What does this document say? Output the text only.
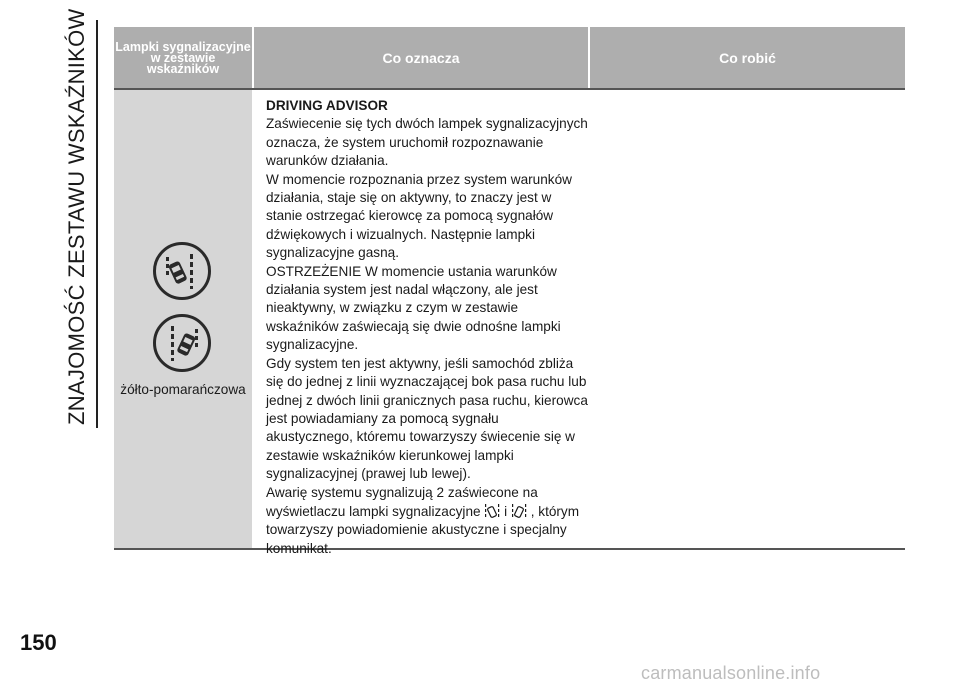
ZNAJOMOŚĆ ZESTAWU WSKAŹNIKÓW	Lampki sygnalizacyjne w zestawie wskaźników
Co oznacza	Co robić
żółto-pomarańczowa
DRIVING ADVISOR
Zaświecenie się tych dwóch lampek sygnalizacyjnych oznacza, że system uruchomił rozpoznawanie warunków działania.
W momencie rozpoznania przez system warunków działania, staje się on aktywny, to znaczy jest w stanie ostrzegać kierowcę za pomocą sygnałów dźwiękowych i wizualnych. Następnie lampki sygnalizacyjne gasną.
OSTRZEŻENIE W momencie ustania warunków działania system jest nadal włączony, ale jest nieaktywny, w związku z czym w zestawie wskaźników zaświecają się dwie odnośne lampki sygnalizacyjne.
Gdy system ten jest aktywny, jeśli samochód zbliża się do jednej z linii wyznaczającej bok pasa ruchu lub jednej z dwóch linii granicznych pasa ruchu, kierowca jest powiadamiany za pomocą sygnału akustycznego, któremu towarzyszy świecenie się w zestawie wskaźników kierunkowej lampki sygnalizacyjnej (prawej lub lewej).
Awarię systemu sygnalizują 2 zaświecone na wyświetlaczu lampki sygnalizacyjne i , którym towarzyszy powiadomienie akustyczne i specjalny komunikat.
150
carmanualsonline.info
